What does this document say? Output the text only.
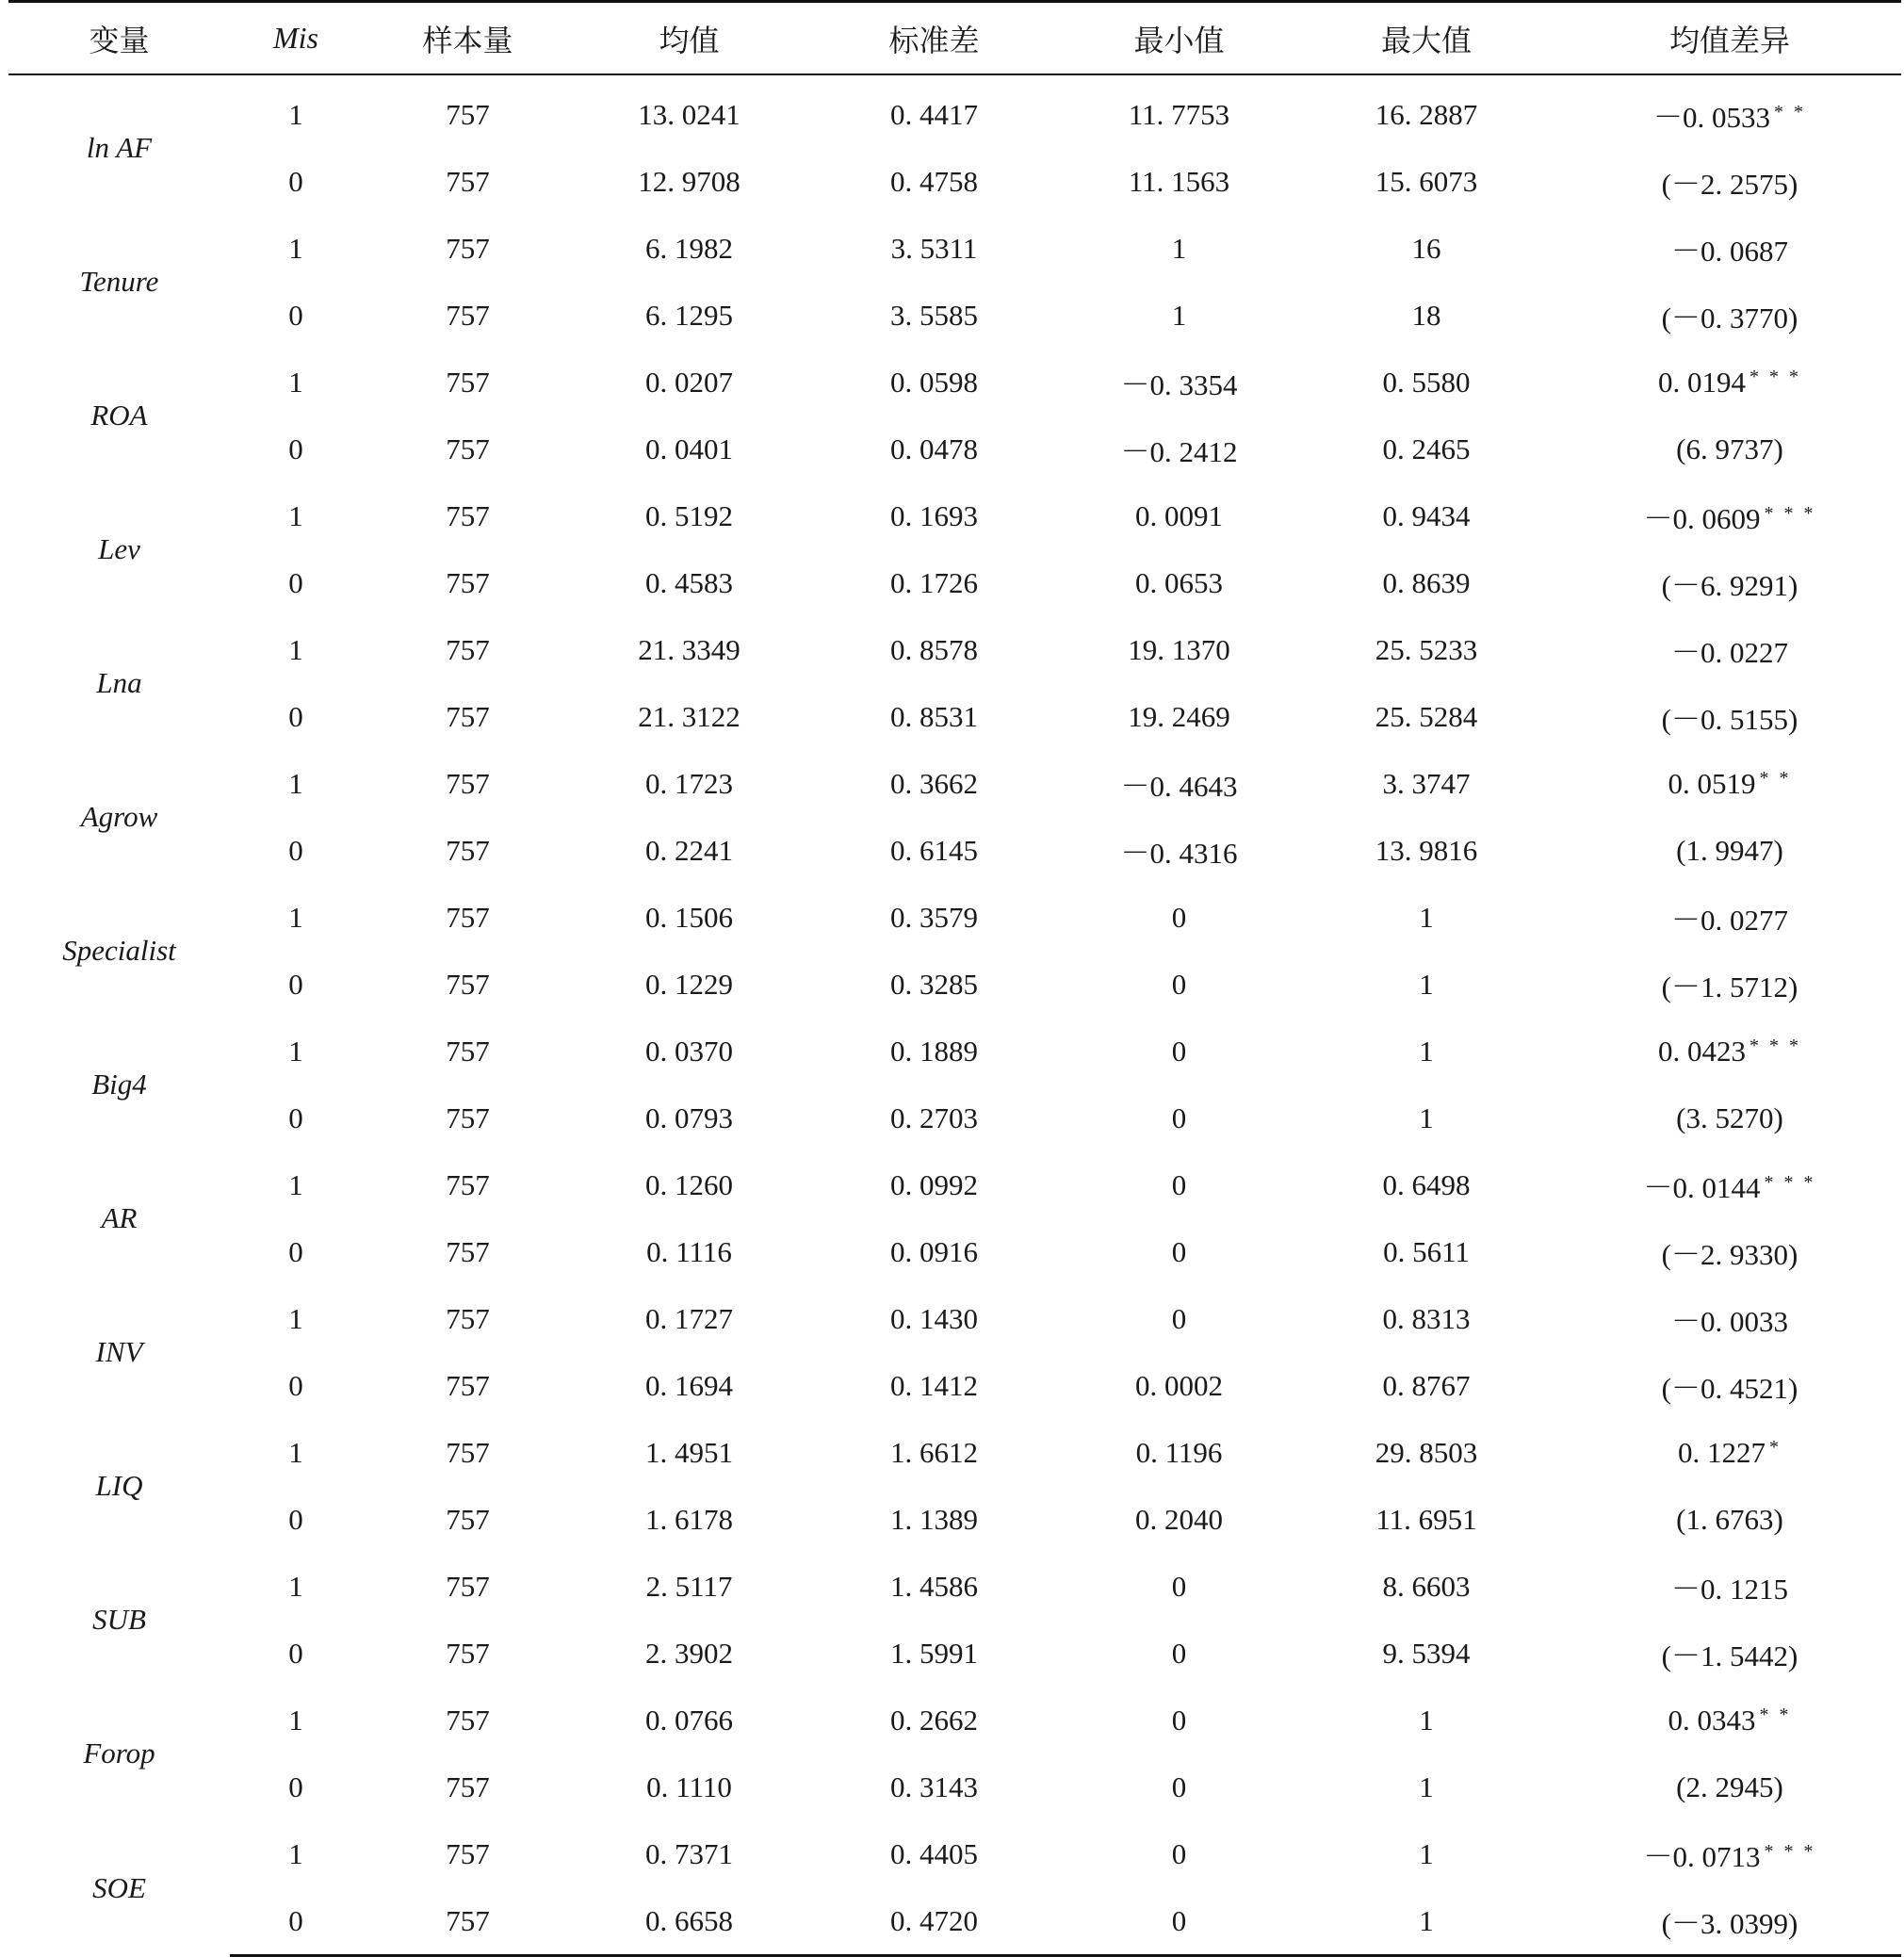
变量	Mis	样本量	均值	标准差	最小值	最大值	均值差异
ln AF	1	757	13. 0241	0. 4417	11. 7753	16. 2887	－0. 0533 * *
	0	757	12. 9708	0. 4758	11. 1563	15. 6073	(－2. 2575)
Tenure	1	757	6. 1982	3. 5311	1	16	－0. 0687
	0	757	6. 1295	3. 5585	1	18	(－0. 3770)
ROA	1	757	0. 0207	0. 0598	－0. 3354	0. 5580	0. 0194 * * *
	0	757	0. 0401	0. 0478	－0. 2412	0. 2465	(6. 9737)
Lev	1	757	0. 5192	0. 1693	0. 0091	0. 9434	－0. 0609 * * *
	0	757	0. 4583	0. 1726	0. 0653	0. 8639	(－6. 9291)
Lna	1	757	21. 3349	0. 8578	19. 1370	25. 5233	－0. 0227
	0	757	21. 3122	0. 8531	19. 2469	25. 5284	(－0. 5155)
Agrow	1	757	0. 1723	0. 3662	－0. 4643	3. 3747	0. 0519 * *
	0	757	0. 2241	0. 6145	－0. 4316	13. 9816	(1. 9947)
Specialist	1	757	0. 1506	0. 3579	0	1	－0. 0277
	0	757	0. 1229	0. 3285	0	1	(－1. 5712)
Big4	1	757	0. 0370	0. 1889	0	1	0. 0423 * * *
	0	757	0. 0793	0. 2703	0	1	(3. 5270)
AR	1	757	0. 1260	0. 0992	0	0. 6498	－0. 0144 * * *
	0	757	0. 1116	0. 0916	0	0. 5611	(－2. 9330)
INV	1	757	0. 1727	0. 1430	0	0. 8313	－0. 0033
	0	757	0. 1694	0. 1412	0. 0002	0. 8767	(－0. 4521)
LIQ	1	757	1. 4951	1. 6612	0. 1196	29. 8503	0. 1227 *
	0	757	1. 6178	1. 1389	0. 2040	11. 6951	(1. 6763)
SUB	1	757	2. 5117	1. 4586	0	8. 6603	－0. 1215
	0	757	2. 3902	1. 5991	0	9. 5394	(－1. 5442)
Forop	1	757	0. 0766	0. 2662	0	1	0. 0343 * *
	0	757	0. 1110	0. 3143	0	1	(2. 2945)
SOE	1	757	0. 7371	0. 4405	0	1	－0. 0713 * * *
	0	757	0. 6658	0. 4720	0	1	(－3. 0399)
